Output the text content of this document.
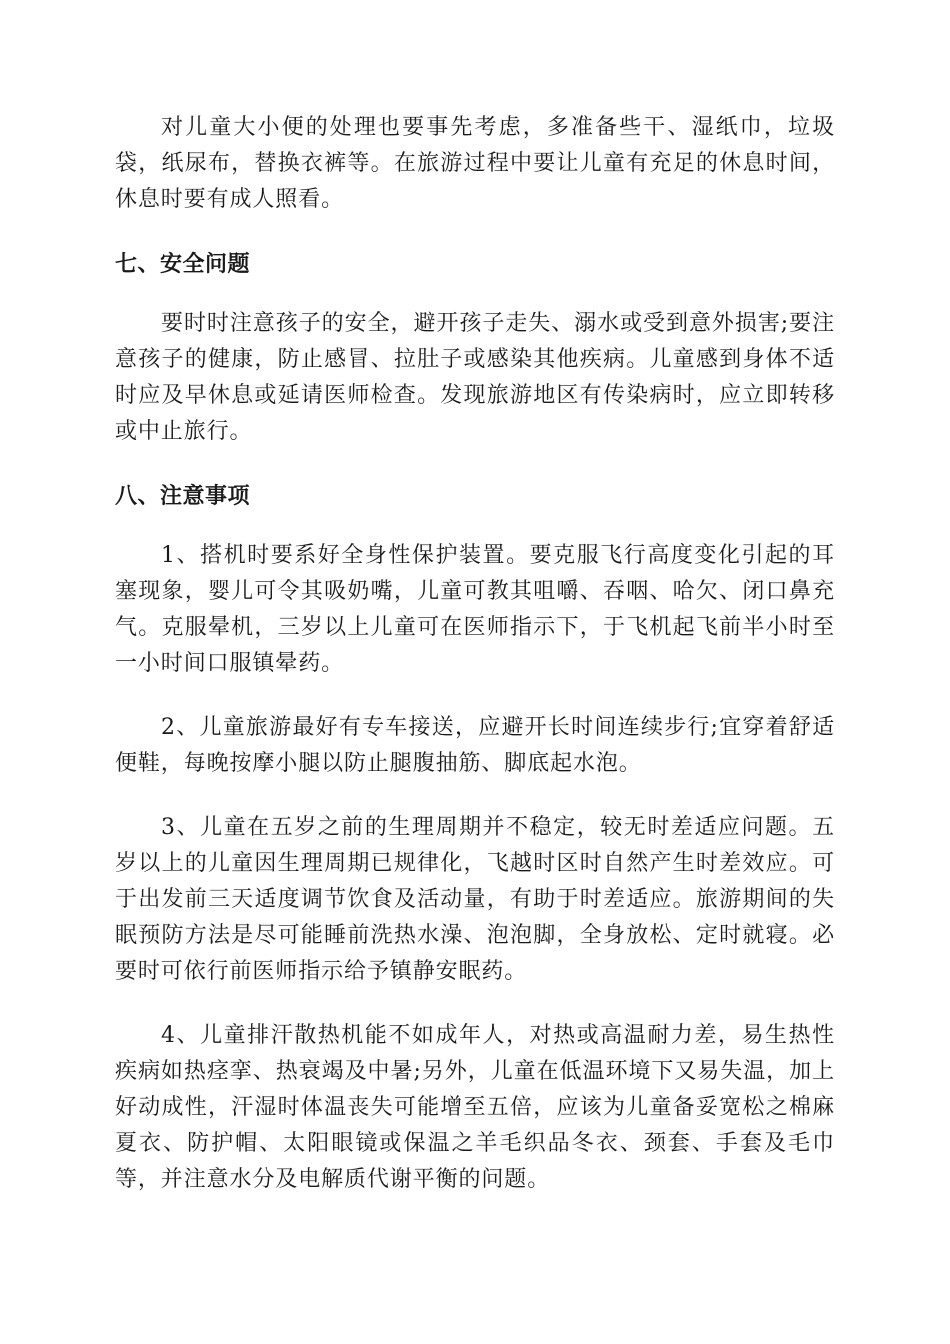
对儿童大小便的处理也要事先考虑，多准备些干、湿纸巾，垃圾袋，纸尿布，替换衣裤等。在旅游过程中要让儿童有充足的休息时间，休息时要有成人照看。

七、安全问题

要时时注意孩子的安全，避开孩子走失、溺水或受到意外损害;要注意孩子的健康，防止感冒、拉肚子或感染其他疾病。儿童感到身体不适时应及早休息或延请医师检查。发现旅游地区有传染病时，应立即转移或中止旅行。

八、注意事项

1、搭机时要系好全身性保护装置。要克服飞行高度变化引起的耳塞现象，婴儿可令其吸奶嘴，儿童可教其咀嚼、吞咽、哈欠、闭口鼻充气。克服晕机，三岁以上儿童可在医师指示下，于飞机起飞前半小时至一小时间口服镇晕药。

2、儿童旅游最好有专车接送，应避开长时间连续步行;宜穿着舒适便鞋，每晚按摩小腿以防止腿腹抽筋、脚底起水泡。

3、儿童在五岁之前的生理周期并不稳定，较无时差适应问题。五岁以上的儿童因生理周期已规律化，飞越时区时自然产生时差效应。可于出发前三天适度调节饮食及活动量，有助于时差适应。旅游期间的失眠预防方法是尽可能睡前洗热水澡、泡泡脚，全身放松、定时就寝。必要时可依行前医师指示给予镇静安眠药。

4、儿童排汗散热机能不如成年人，对热或高温耐力差，易生热性疾病如热痉挛、热衰竭及中暑;另外，儿童在低温环境下又易失温，加上好动成性，汗湿时体温丧失可能增至五倍，应该为儿童备妥宽松之棉麻夏衣、防护帽、太阳眼镜或保温之羊毛织品冬衣、颈套、手套及毛巾等，并注意水分及电解质代谢平衡的问题。
